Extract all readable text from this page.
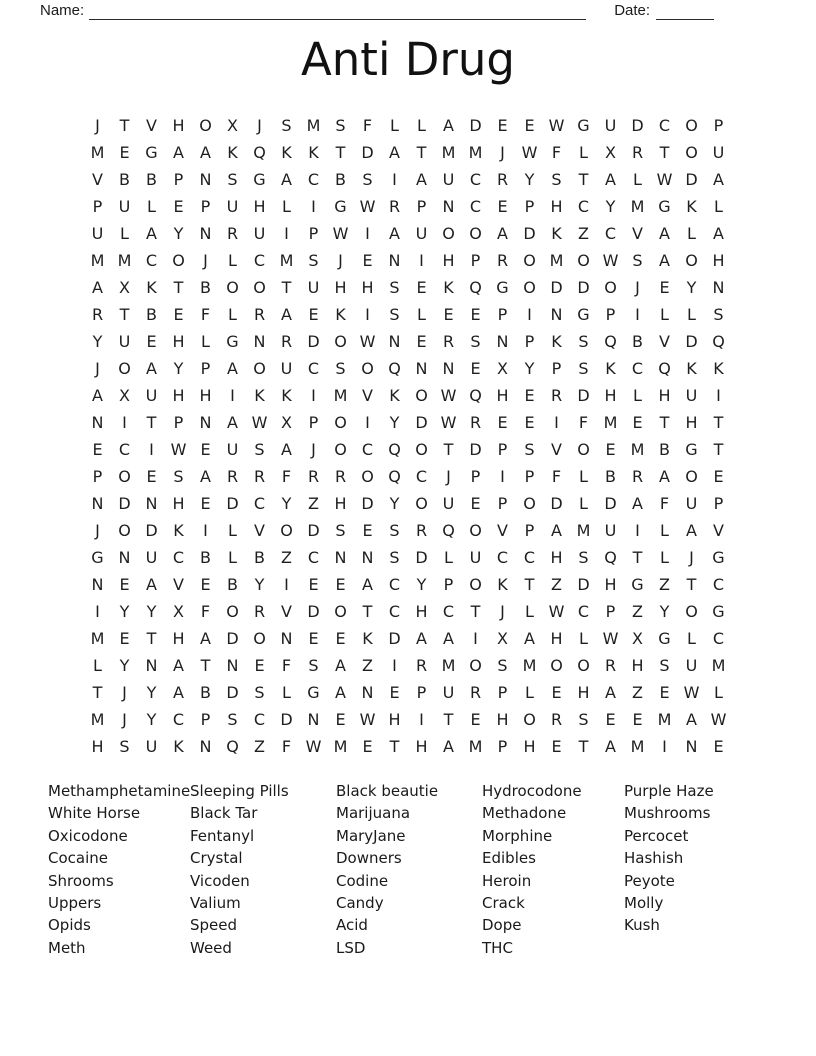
Name:	Date:
Anti Drug
J	T	V H O X	J	S M S	F	L	L	A D E	E W G U D C O P
M E G A	A	K Q K	K	T D A	T M M	J	W F	L	X R	T O U
V	B	B	P	N S G A C B	S	I	A U C R	Y	S	T	A	L W D A
P	U	L	E	P	U H	L	I	G W R	P	N C	E	P	H C	Y M G K	L
U	L	A	Y	N R U	I	P W	I	A U O O A D K	Z C V	A	L	A
M M C O	J	L	C M S	J	E N	I	H	P	R O M O W S	A O H
A	X	K	T	B O O T	U H H S	E	K Q G O D D O	J	E	Y	N
R	T	B	E	F	L	R A	E	K	I	S	L	E	E	P	I	N G P	I	L	L	S
Y	U	E H	L	G N R D O W N E	R	S N	P	K	S Q B	V D Q
J	O A	Y	P	A O U C	S O Q N N E	X	Y	P	S	K	C Q K	K
A	X U H H	I	K	K	I	M V	K O W Q H E	R D H	L	H U	I
N	I	T	P	N A W X	P O	I	Y D W R	E	E	I	F M E	T	H	T
E	C	I	W E	U	S	A	J	O C Q O T D	P	S	V O E M B G T
P O E	S	A R R	F	R R O Q C	J	P	I	P	F	L	B R A O E
N D N H E D C	Y	Z H D Y O U	E	P O D	L	D A	F	U	P
J	O D K	I	L	V O D S	E	S	R Q O V	P	A M U	I	L	A	V
G N U C B	L	B	Z C N N S D	L	U C C H S Q T	L	J	G
N E	A	V	E	B	Y	I	E	E	A C	Y	P O K	T	Z D H G Z	T	C
I	Y	Y	X	F	O R V D O T	C H C	T	J	L W C	P	Z	Y O G
M E	T	H A D O N E	E	K D A	A	I	X	A H	L W X G	L	C
L	Y	N A	T	N E	F	S	A	Z	I	R M O S M O O R H S	U M
T	J	Y	A	B D S	L	G A N E	P	U R	P	L	E H A	Z	E W L
M	J	Y	C	P	S	C D N E W H	I	T	E H O R	S	E	E M A W
H S	U K N Q Z	F W M E	T	H A M P	H E	T	A M	I	N E
Methamphetamine
White Horse
Oxicodone
Cocaine
Shrooms
Uppers
Opids
Meth
Sleeping Pills
Black Tar
Fentanyl
Crystal
Vicoden
Valium
Speed
Weed
Black beautie
Marijuana
MaryJane
Downers
Codine
Candy
Acid
LSD
Hydrocodone
Methadone
Morphine
Edibles
Heroin
Crack
Dope
THC
Purple Haze
Mushrooms
Percocet
Hashish
Peyote
Molly
Kush
